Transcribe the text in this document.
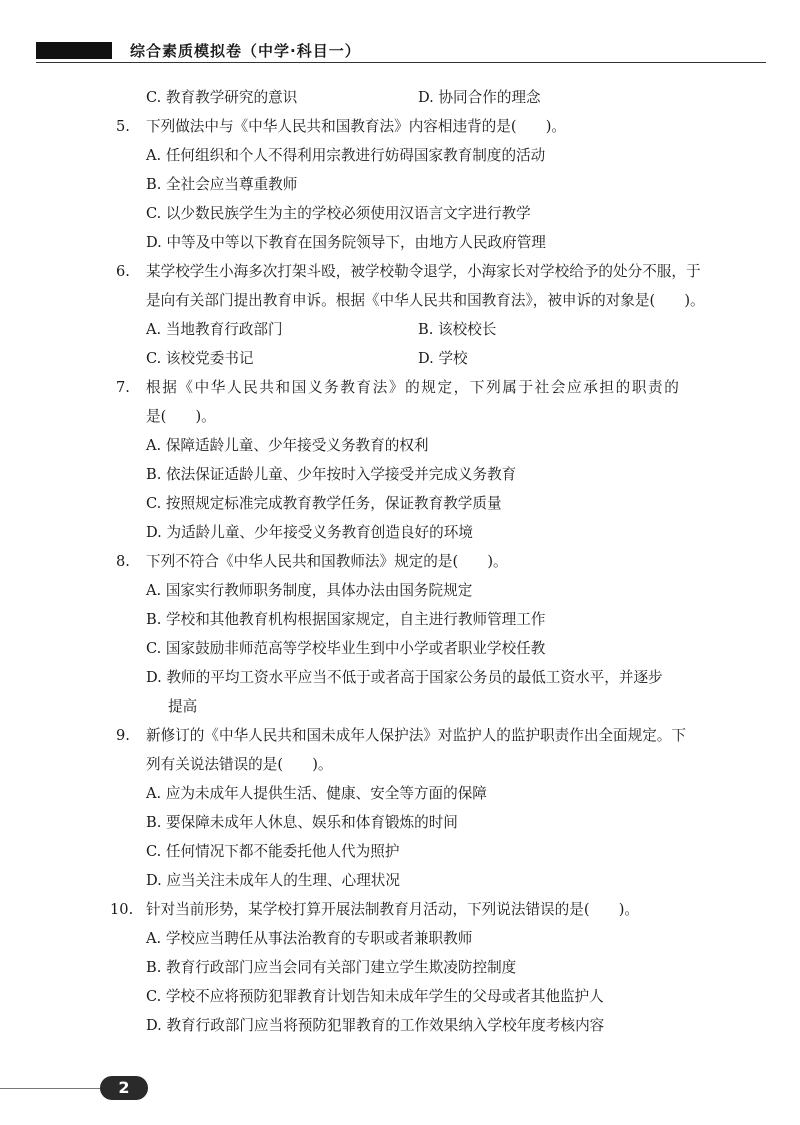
综合素质模拟卷（中学·科目一）
C. 教育教学研究的意识	D. 协同合作的理念
5. 下列做法中与《中华人民共和国教育法》内容相违背的是(　　)。
A. 任何组织和个人不得利用宗教进行妨碍国家教育制度的活动
B. 全社会应当尊重教师
C. 以少数民族学生为主的学校必须使用汉语言文字进行教学
D. 中等及中等以下教育在国务院领导下，由地方人民政府管理
6. 某学校学生小海多次打架斗殴，被学校勒令退学，小海家长对学校给予的处分不服，于
是向有关部门提出教育申诉。根据《中华人民共和国教育法》，被申诉的对象是(　　)。
A. 当地教育行政部门	B. 该校校长
C. 该校党委书记	D. 学校
7. 根据《中华人民共和国义务教育法》的规定，下列属于社会应承担的职责的
是(　　)。
A. 保障适龄儿童、少年接受义务教育的权利
B. 依法保证适龄儿童、少年按时入学接受并完成义务教育
C. 按照规定标准完成教育教学任务，保证教育教学质量
D. 为适龄儿童、少年接受义务教育创造良好的环境
8. 下列不符合《中华人民共和国教师法》规定的是(　　)。
A. 国家实行教师职务制度，具体办法由国务院规定
B. 学校和其他教育机构根据国家规定，自主进行教师管理工作
C. 国家鼓励非师范高等学校毕业生到中小学或者职业学校任教
D. 教师的平均工资水平应当不低于或者高于国家公务员的最低工资水平，并逐步
提高
9. 新修订的《中华人民共和国未成年人保护法》对监护人的监护职责作出全面规定。下
列有关说法错误的是(　　)。
A. 应为未成年人提供生活、健康、安全等方面的保障
B. 要保障未成年人休息、娱乐和体育锻炼的时间
C. 任何情况下都不能委托他人代为照护
D. 应当关注未成年人的生理、心理状况
10. 针对当前形势，某学校打算开展法制教育月活动，下列说法错误的是(　　)。
A. 学校应当聘任从事法治教育的专职或者兼职教师
B. 教育行政部门应当会同有关部门建立学生欺凌防控制度
C. 学校不应将预防犯罪教育计划告知未成年学生的父母或者其他监护人
D. 教育行政部门应当将预防犯罪教育的工作效果纳入学校年度考核内容
2
